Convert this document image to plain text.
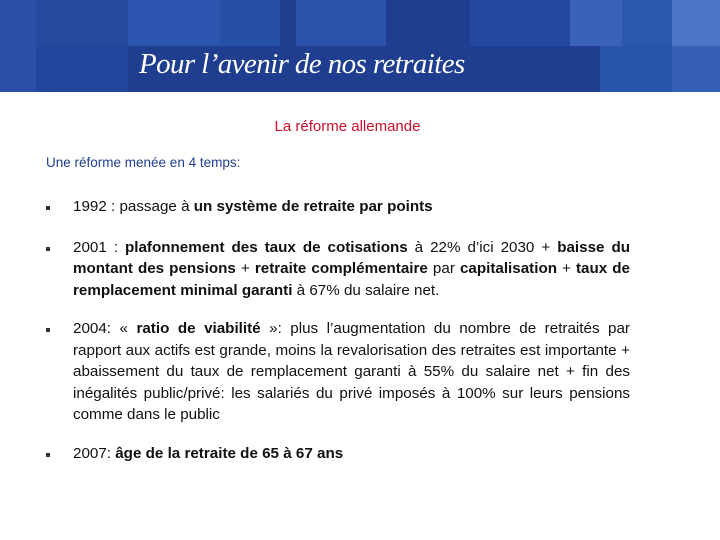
Pour l’avenir de nos retraites
La réforme allemande
Une réforme menée en 4 temps:
1992 : passage à un système de retraite par points
2001 : plafonnement des taux de cotisations à 22% d’ici 2030 + baisse du montant des pensions + retraite complémentaire par capitalisation + taux de remplacement minimal garanti à 67% du salaire net.
2004: « ratio de viabilité »: plus l’augmentation du nombre de retraités par rapport aux actifs est grande, moins la revalorisation des retraites est importante + abaissement du taux de remplacement garanti à 55% du salaire net + fin des inégalités public/privé: les salariés du privé imposés à 100% sur leurs pensions comme dans le public
2007: âge de la retraite de 65 à 67 ans
